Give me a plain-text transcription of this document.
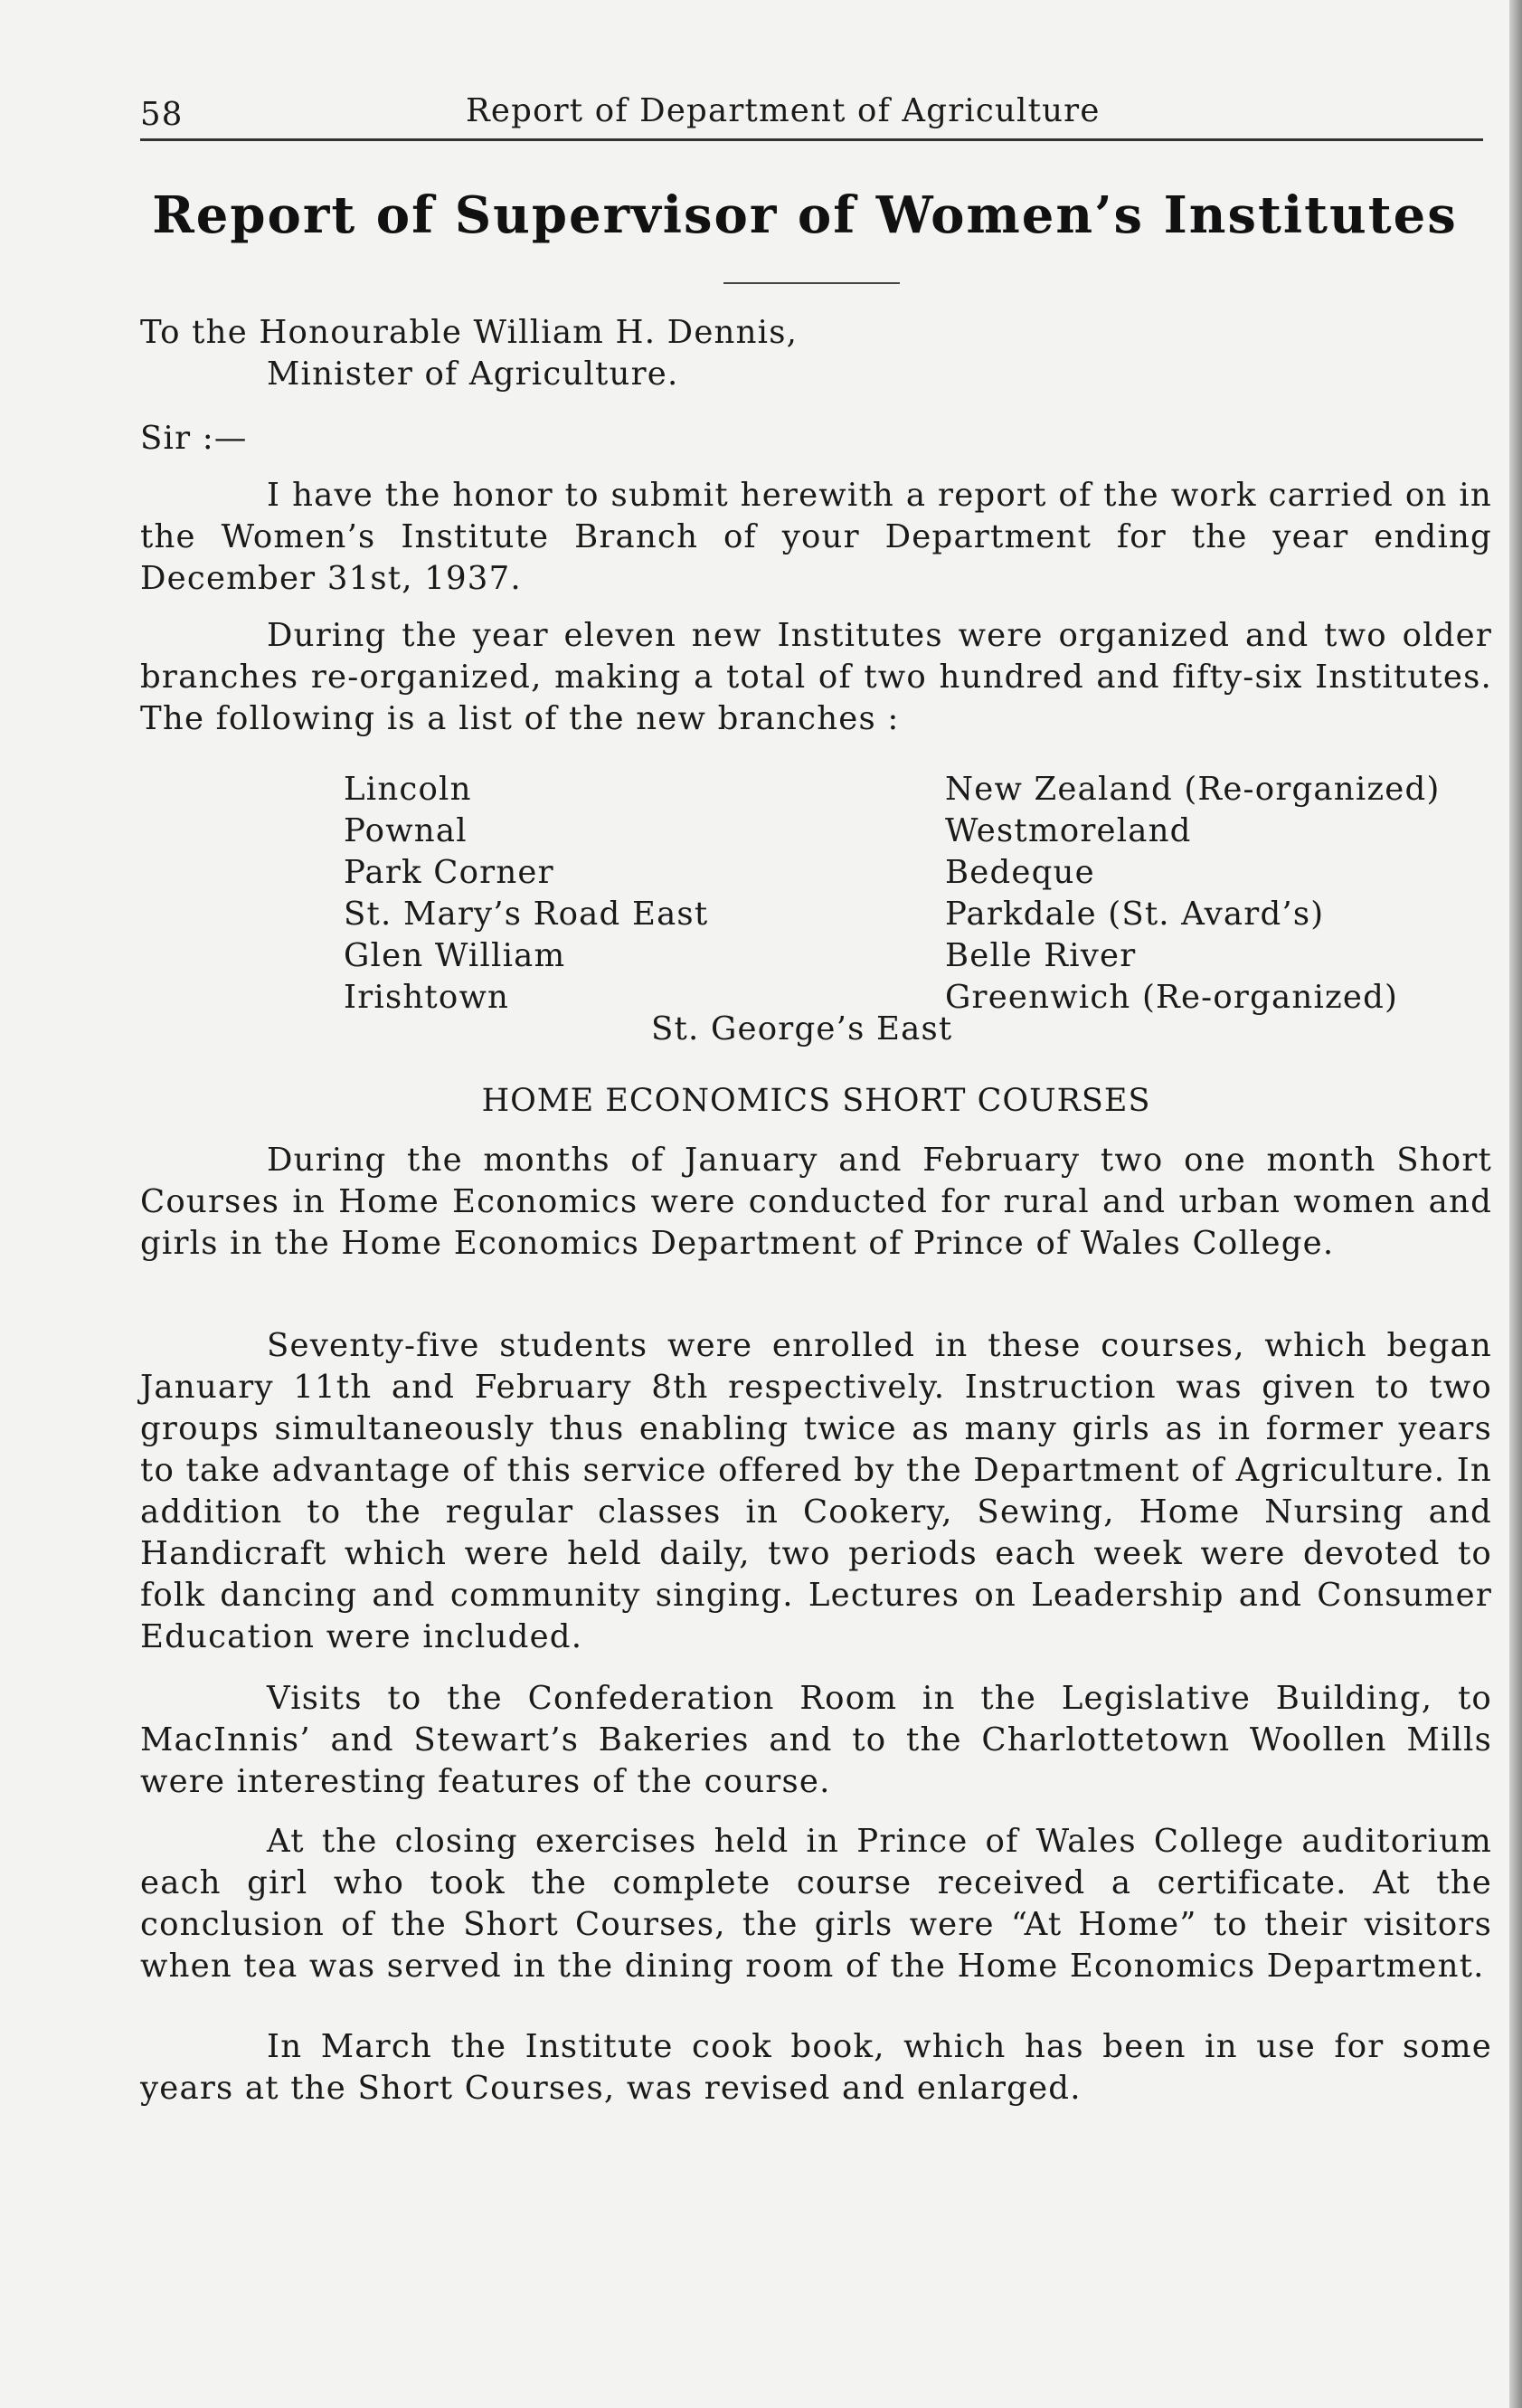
58	Report of Department of Agriculture
Report of Supervisor of Women’s Institutes
To the Honourable William H. Dennis,
Minister of Agriculture.
Sir :—

I have the honor to submit herewith a report of the work carried on in the Women’s Institute Branch of your Department for the year ending December 31st, 1937.

During the year eleven new Institutes were organized and two older branches re-organized, making a total of two hundred and fifty-six Institutes. The following is a list of the new branches :

Lincoln
Pownal
Park Corner
St. Mary’s Road East
Glen William
Irishtown
New Zealand (Re-organized)
Westmoreland
Bedeque
Parkdale (St. Avard’s)
Belle River
Greenwich (Re-organized)
St. George’s East
HOME ECONOMICS SHORT COURSES

During the months of January and February two one month Short Courses in Home Economics were conducted for rural and urban women and girls in the Home Economics Department of Prince of Wales College.

Seventy-five students were enrolled in these courses, which began January 11th and February 8th respectively. Instruction was given to two groups simultaneously thus enabling twice as many girls as in former years to take advantage of this service offered by the Department of Agriculture. In addition to the regular classes in Cookery, Sewing, Home Nursing and Handicraft which were held daily, two periods each week were devoted to folk dancing and community singing. Lectures on Leadership and Consumer Education were included.

Visits to the Confederation Room in the Legislative Building, to MacInnis’ and Stewart’s Bakeries and to the Charlottetown Woollen Mills were interesting features of the course.

At the closing exercises held in Prince of Wales College auditorium each girl who took the complete course received a certificate. At the conclusion of the Short Courses, the girls were “At Home” to their visitors when tea was served in the dining room of the Home Economics Department.

In March the Institute cook book, which has been in use for some years at the Short Courses, was revised and enlarged.
